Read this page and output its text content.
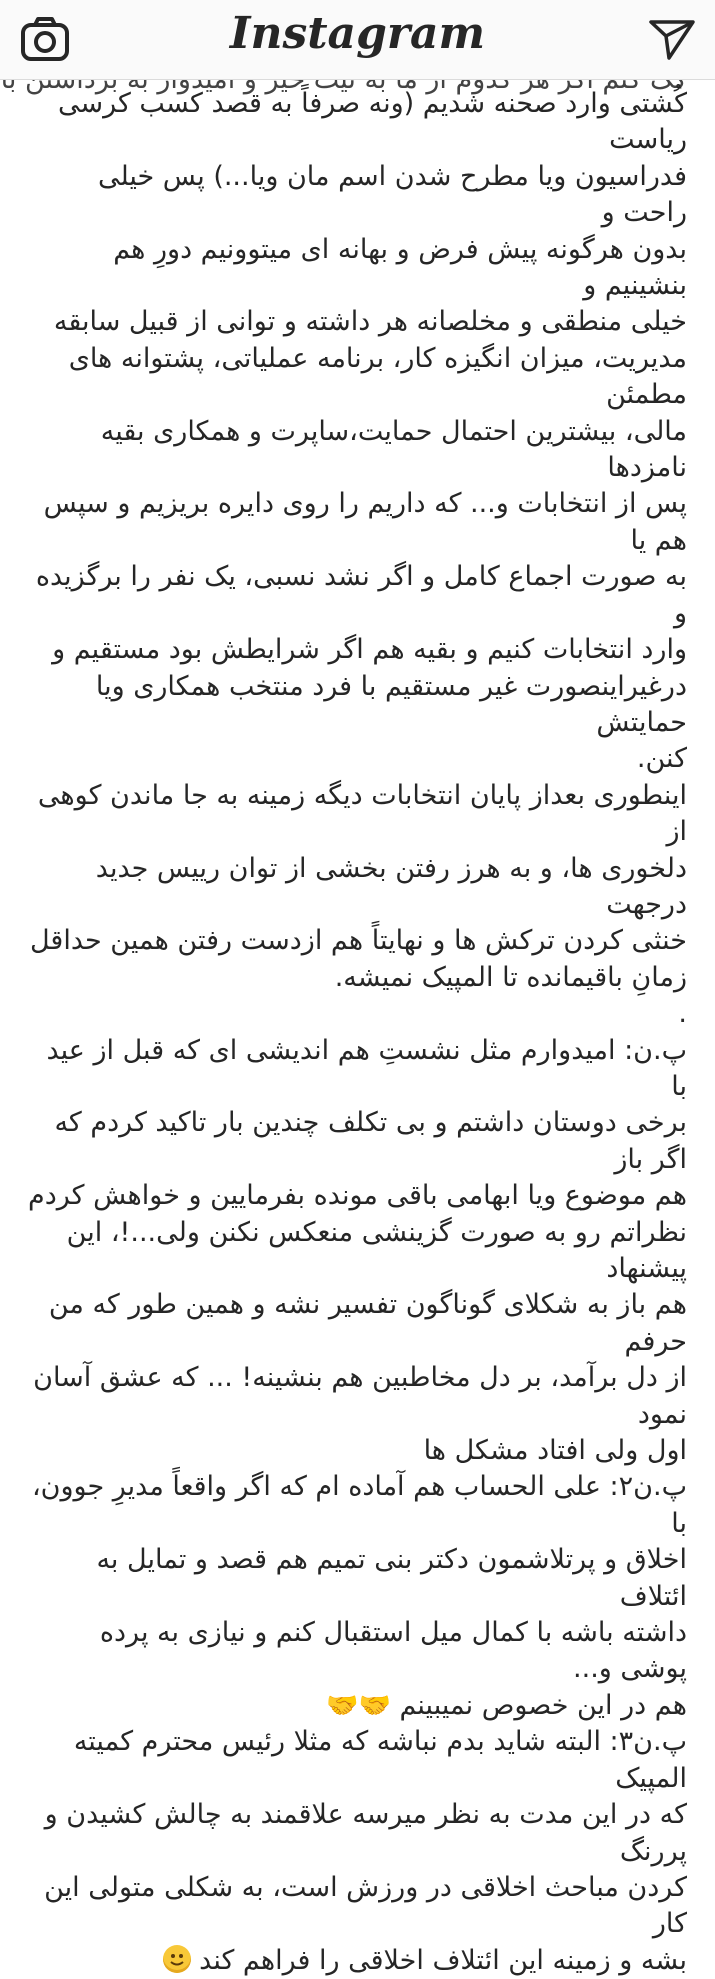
Instagram

کُشتی وارد صحنه شدیم (ونه صرفاً به قصد کسب کرسی ریاست

فدراسیون ویا مطرح شدن اسم مان ویا...) پس خیلی راحت و

بدون هرگونه پیش فرض و بهانه ای میتوونیم دورِ هم بنشینیم و

خیلی منطقی و مخلصانه هر داشته و توانی از قبیل سابقه

مدیریت، میزان انگیزه کار، برنامه عملیاتی، پشتوانه های مطمئن

مالی، بیشترین احتمال حمایت،ساپرت و همکاری بقیه نامزدها

پس از انتخابات و... که داریم را روی دایره بریزیم و سپس هم یا

به صورت اجماع کامل و اگر نشد نسبی، یک نفر را برگزیده و

وارد انتخابات کنیم و بقیه هم اگر شرایطش بود مستقیم و

درغیراینصورت غیر مستقیم با فرد منتخب همکاری ویا حمایتش

کنن.

اینطوری بعداز پایان انتخابات دیگه زمینه به جا ماندن کوهی از

دلخوری ها، و به هرز رفتن بخشی از توان رییس جدید درجهت

خنثی کردن ترکش ها و نهایتاً هم ازدست رفتن همین حداقل

زمانِ باقیمانده تا المپیک نمیشه.

.

پ.ن: امیدوارم مثل نشستِ هم اندیشی ای که قبل از عید با

برخی دوستان داشتم و بی تکلف چندین بار تاکید کردم که اگر باز

هم موضوع ویا ابهامی باقی مونده بفرمایین و خواهش کردم

نظراتم رو به صورت گزینشی منعکس نکنن ولی...!، این پیشنهاد

هم باز به شکلای گوناگون تفسیر نشه و همین طور که من حرفم

از دل برآمد، بر دل مخاطبین هم بنشینه! ... که عشق آسان نمود

اول ولی افتاد مشکل ها

پ.ن۲: علی الحساب هم آماده ام که اگر واقعاً مدیرِ جوون، با

اخلاق و پرتلاشمون دکتر بنی تمیم هم قصد و تمایل به ائتلاف

داشته باشه با کمال میل استقبال کنم و نیازی به پرده پوشی و...

هم در این خصوص نمیبینم 🤝🤝

پ.ن۳: البته شاید بدم نباشه که مثلا رئیس محترم کمیته المپیک

که در این مدت به نظر میرسه علاقمند به چالش کشیدن و پررنگ

کردن مباحث اخلاقی در ورزش است، به شکلی متولی این کار

بشه و زمینه این ائتلاف اخلاقی را فراهم کند
